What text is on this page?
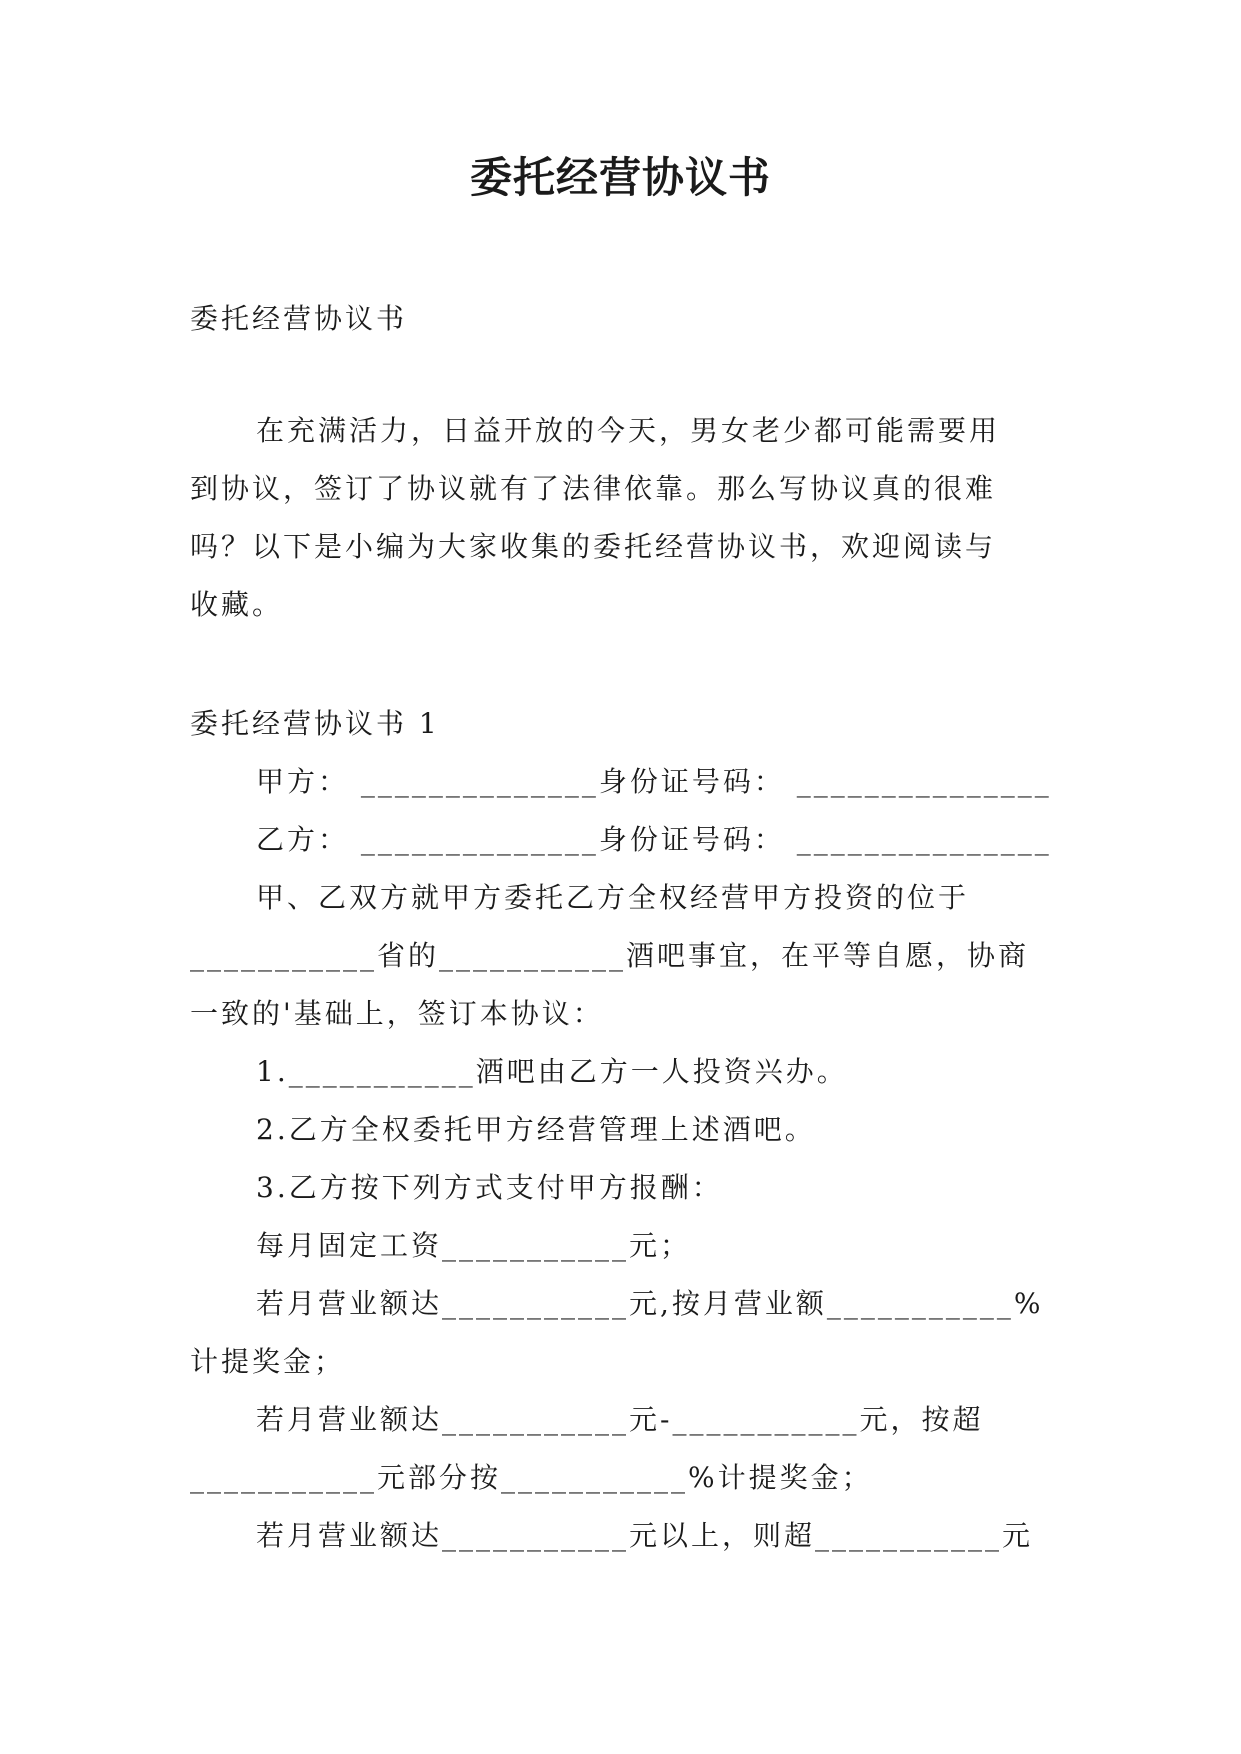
委托经营协议书
委托经营协议书
在充满活力，日益开放的今天，男女老少都可能需要用
到协议，签订了协议就有了法律依靠。那么写协议真的很难
吗？以下是小编为大家收集的委托经营协议书，欢迎阅读与
收藏。
委托经营协议书 1
甲方： ______________身份证号码： _______________
乙方： ______________身份证号码： _______________
甲、乙双方就甲方委托乙方全权经营甲方投资的位于
___________省的___________酒吧事宜，在平等自愿，协商
一致的'基础上，签订本协议：
1.___________酒吧由乙方一人投资兴办。
2.乙方全权委托甲方经营管理上述酒吧。
3.乙方按下列方式支付甲方报酬：
每月固定工资___________元；
若月营业额达___________元,按月营业额___________%
计提奖金；
若月营业额达___________元-___________元，按超
___________元部分按___________%计提奖金；
若月营业额达___________元以上，则超___________元
